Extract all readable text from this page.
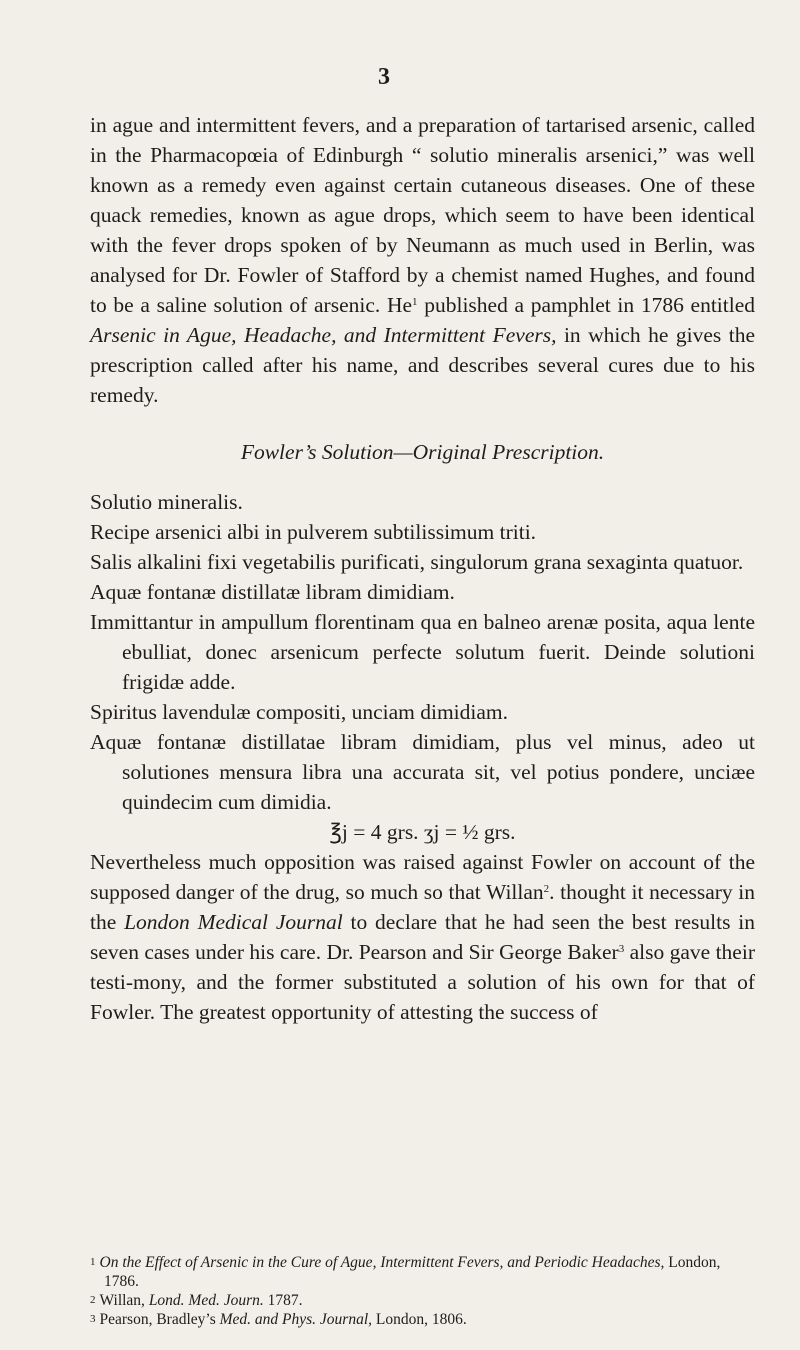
3

in ague and intermittent fevers, and a preparation of tartarised arsenic, called in the Pharmacopœia of Edinburgh “ solutio mineralis arsenici,” was well known as a remedy even against certain cutaneous diseases. One of these quack remedies, known as ague drops, which seem to have been identical with the fever drops spoken of by Neumann as much used in Berlin, was analysed for Dr. Fowler of Stafford by a chemist named Hughes, and found to be a saline solution of arsenic. He$^1$ published a pamphlet in 1786 entitled Arsenic in Ague, Headache, and Intermittent Fevers, in which he gives the prescription called after his name, and describes several cures due to his remedy.

Fowler’s Solution—Original Prescription.
Solutio mineralis.
Recipe arsenici albi in pulverem subtilissimum triti.
Salis alkalini fixi vegetabilis purificati, singulorum grana sexaginta quatuor.
Aquæ fontanæ distillatæ libram dimidiam.
Immittantur in ampullum florentinam qua en balneo arenæ posita, aqua lente ebulliat, donec arsenicum perfecte solutum fuerit. Deinde solutioni frigidæ adde.
Spiritus lavendulæ compositi, unciam dimidiam.
Aquæ fontanæ distillatae libram dimidiam, plus vel minus, adeo ut solutiones mensura libra una accurata sit, vel potius pondere, unciæe quindecim cum dimidia.
℥j = 4 grs. ʒj = ½ grs.

Nevertheless much opposition was raised against Fowler on account of the supposed danger of the drug, so much so that Willan$^2$. thought it necessary in the London Medical Journal to declare that he had seen the best results in seven cases under his care. Dr. Pearson and Sir George Baker$^3$ also gave their testi-mony, and the former substituted a solution of his own for that of Fowler. The greatest opportunity of attesting the success of

$^1$ On the Effect of Arsenic in the Cure of Ague, Intermittent Fevers, and Periodic Headaches, London, 1786.
$^2$ Willan, Lond. Med. Journ. 1787.
$^3$ Pearson, Bradley’s Med. and Phys. Journal, London, 1806.
